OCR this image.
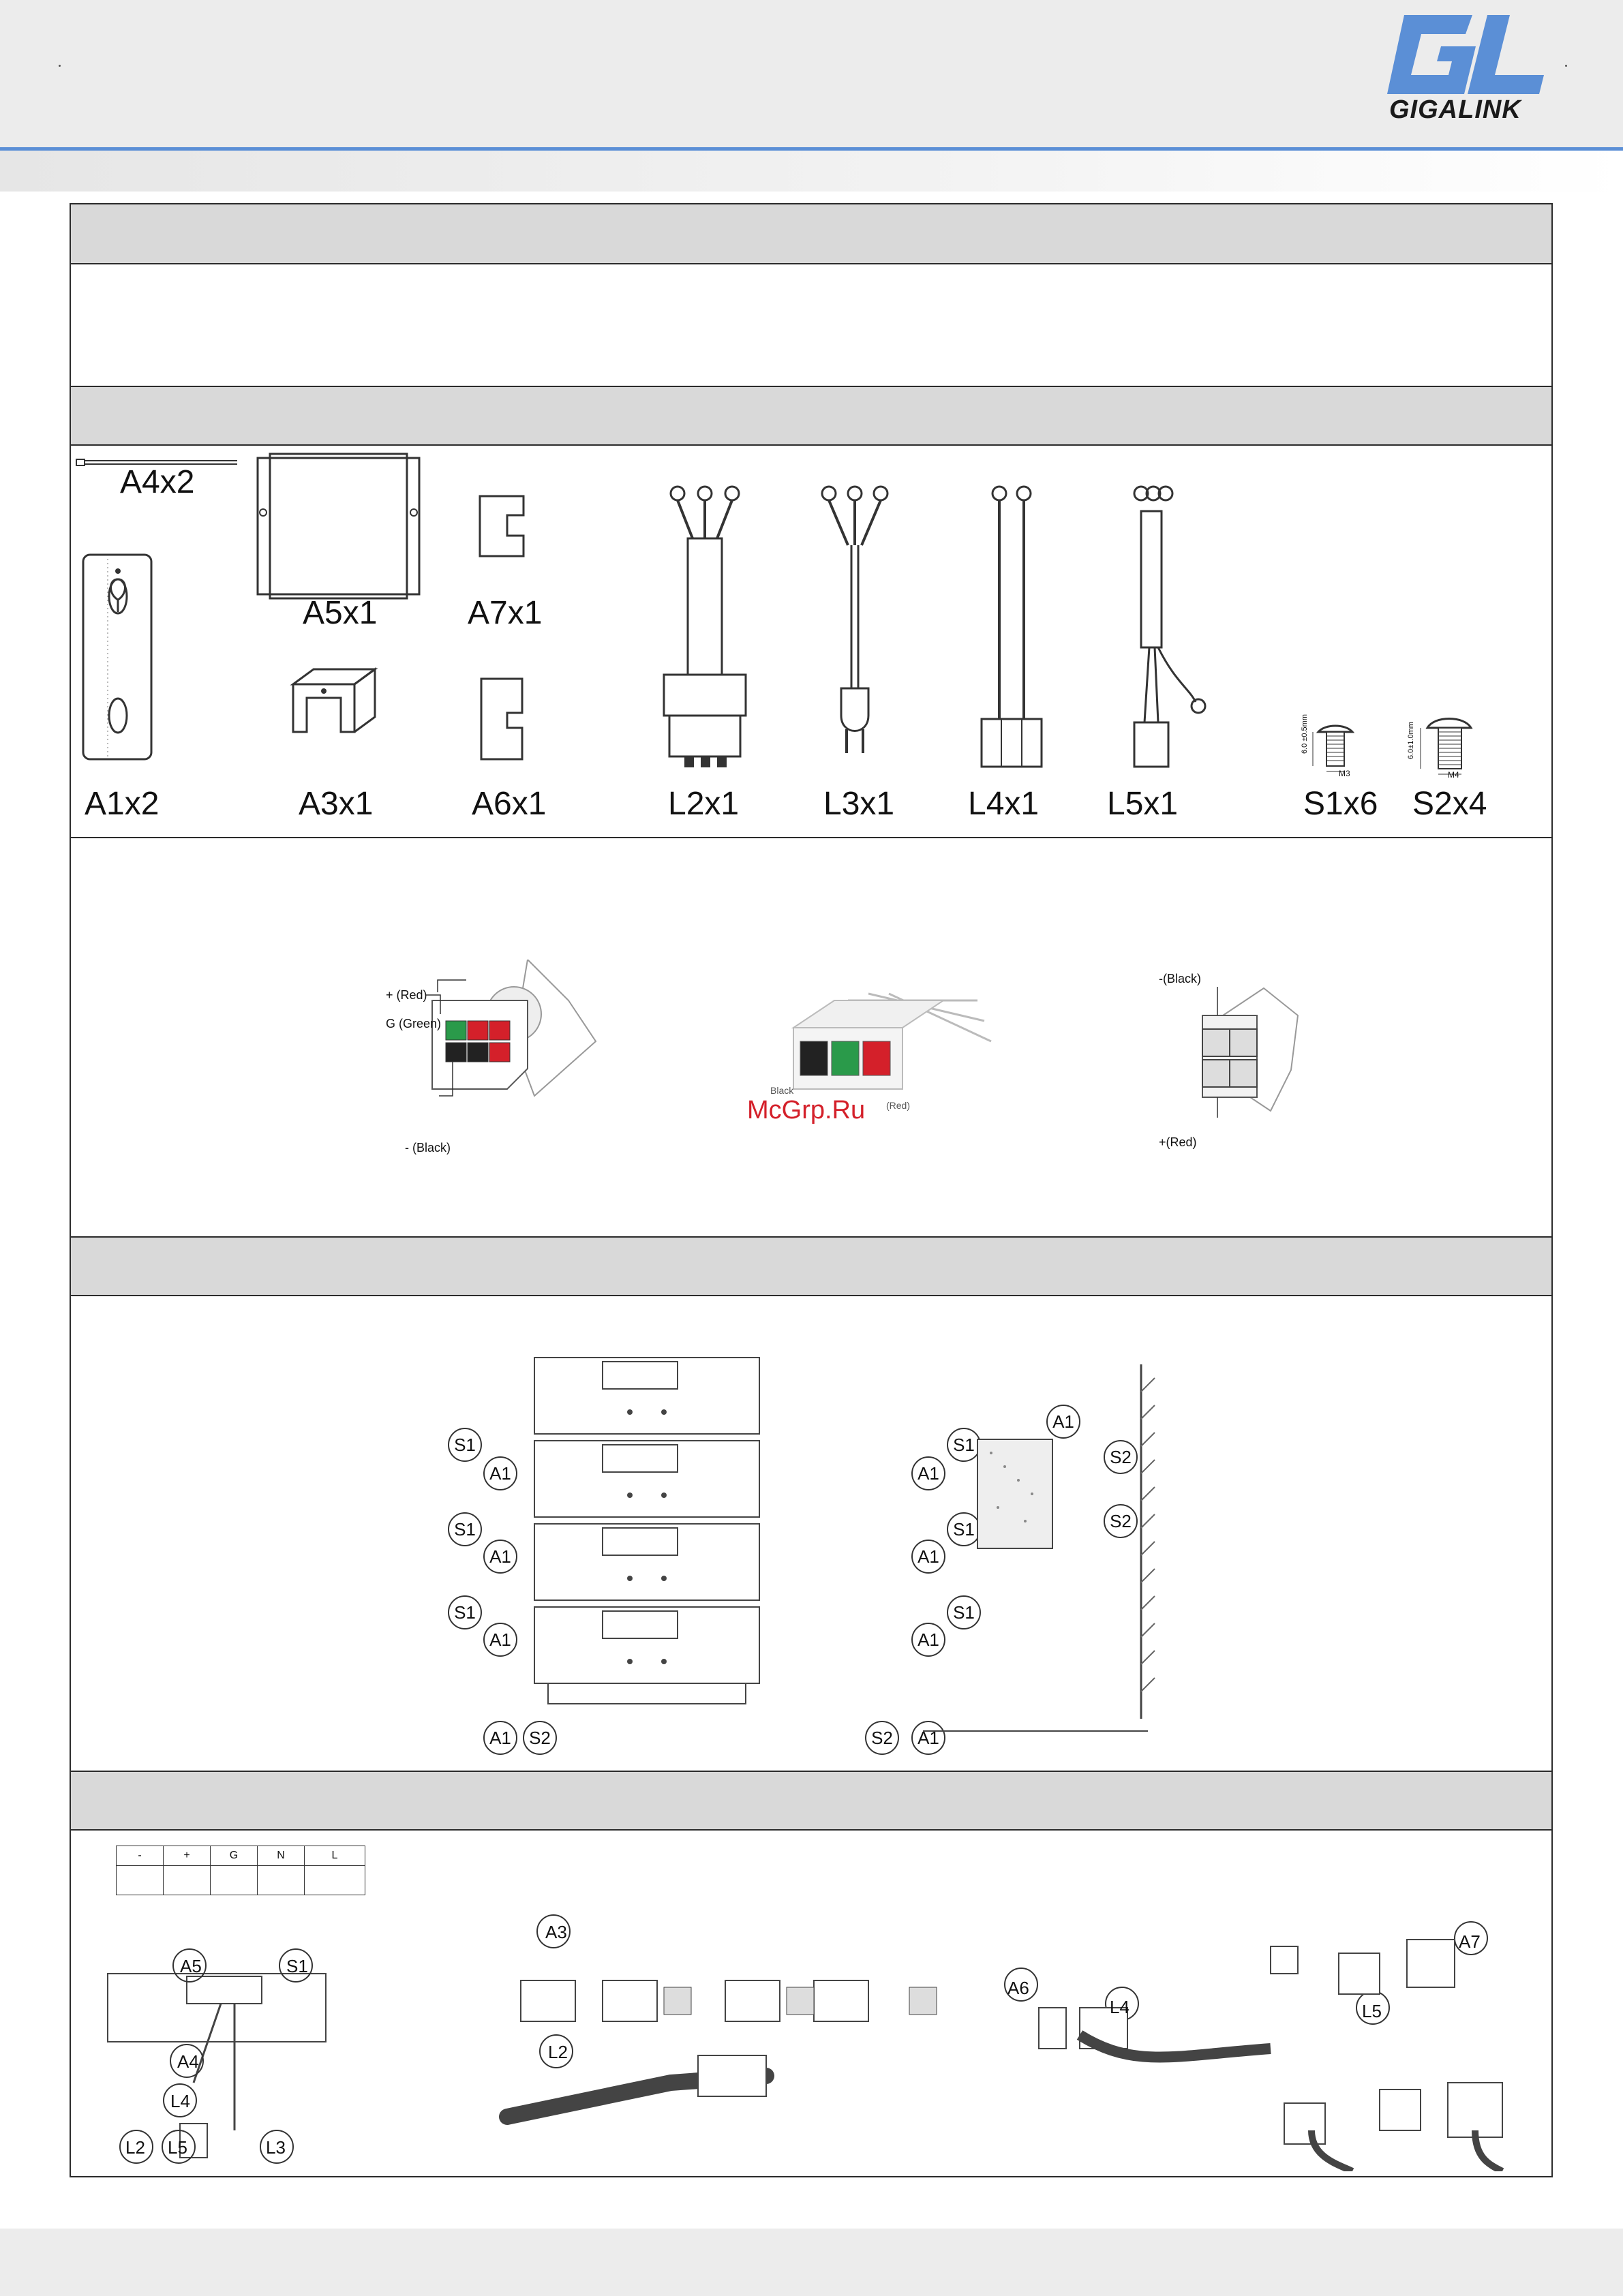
GIGALINK
A4x2
A1x2
A5x1	A7x1
A3x1	A6x1	L2x1	L3x1 L4x1 L5x1
6.0 ±0.5mm
M3
6.0±1.0mm
M4
S1x6 S2x4
+ (Red)
G (Green)
- (Black)
Black
(Red)
McGrp.Ru
-(Black)
+(Red)
S1	S1
A1	A1
S1	S1
A1	A1
S1	S1
A1	A1
A1 S2	S2 A1
A1
S2
S2
-	+	G	N	L

A5	S1
A4
L4
L2 L5	L3
A3
L2
A6
L4
A7
L5
